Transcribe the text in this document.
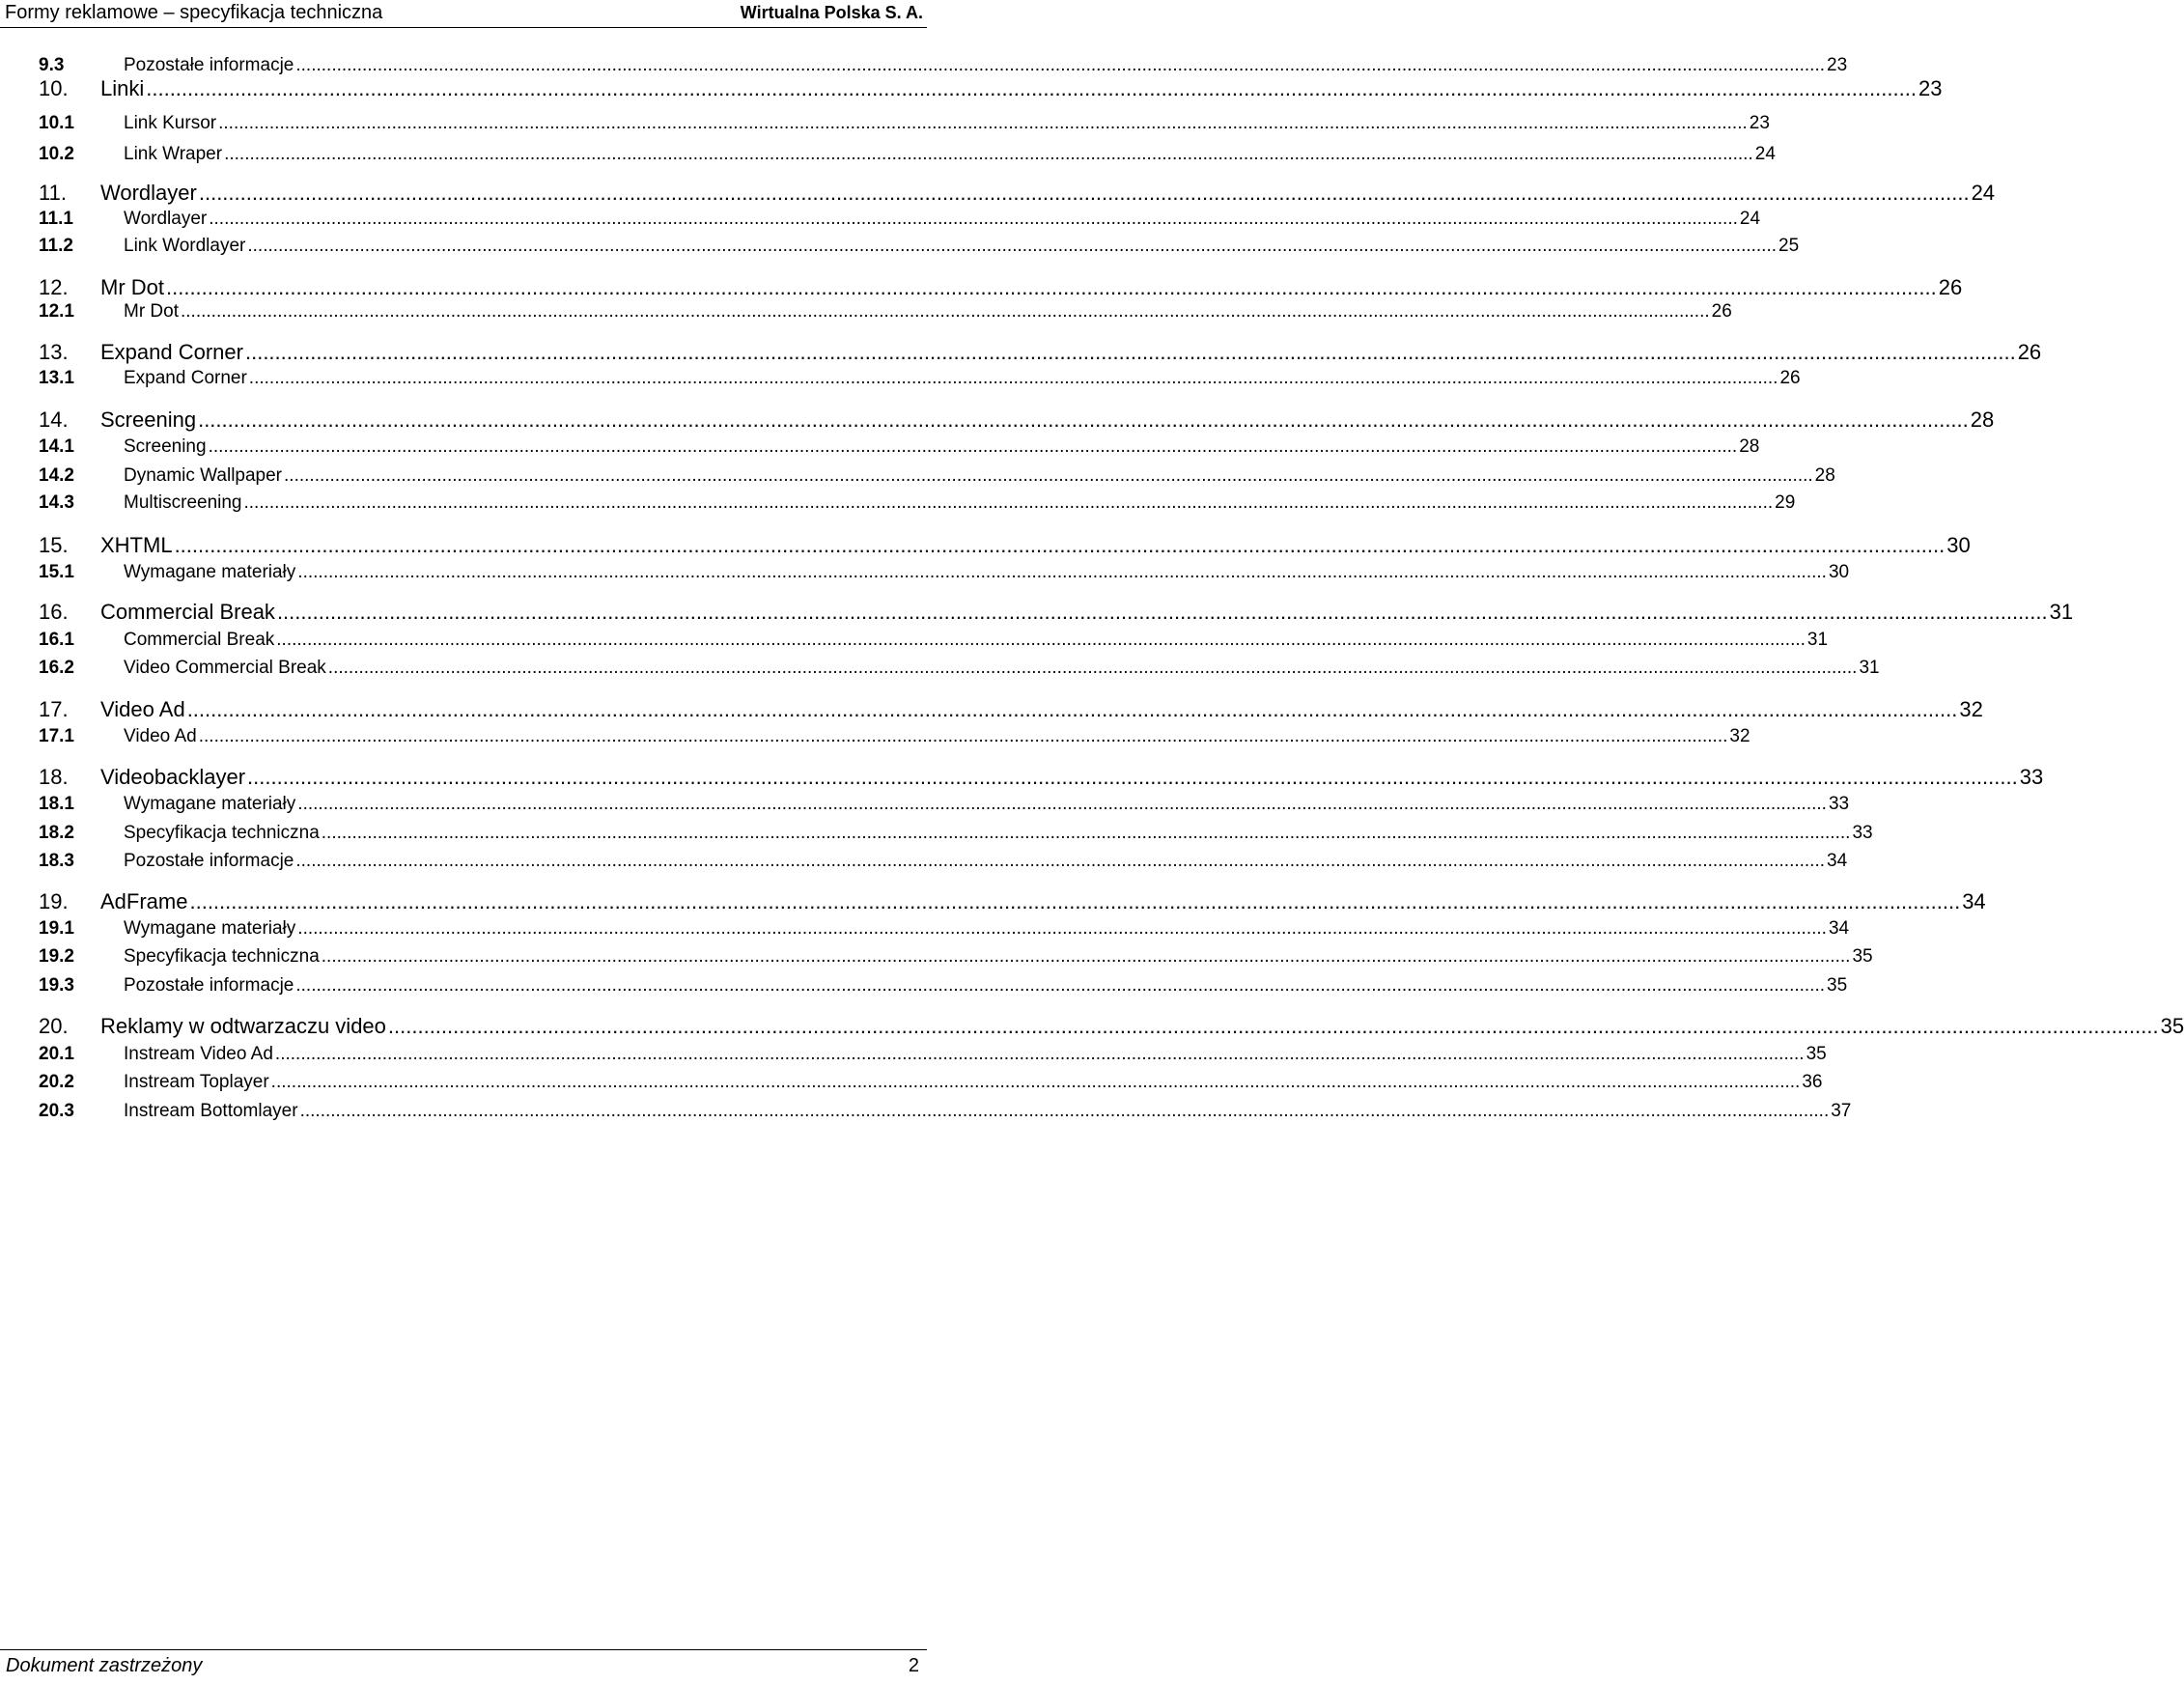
Formy reklamowe – specyfikacja techniczna	Wirtualna Polska S. A.
9.3	Pozostałe informacje ............................................................................................................................................................................................................................................................................................................ 23
10.	Linki ............................................................................................................................................................................................................................................................................................................ 23
10.1	Link Kursor ............................................................................................................................................................................................................................................................................................................ 23
10.2	Link Wraper ............................................................................................................................................................................................................................................................................................................ 24
11.	Wordlayer ............................................................................................................................................................................................................................................................................................................ 24
11.1	Wordlayer ............................................................................................................................................................................................................................................................................................................ 24
11.2	Link Wordlayer ............................................................................................................................................................................................................................................................................................................ 25
12.	Mr Dot ............................................................................................................................................................................................................................................................................................................ 26
12.1	Mr Dot ............................................................................................................................................................................................................................................................................................................ 26
13.	Expand Corner ............................................................................................................................................................................................................................................................................................................ 26
13.1	Expand Corner ............................................................................................................................................................................................................................................................................................................ 26
14.	Screening ............................................................................................................................................................................................................................................................................................................ 28
14.1	Screening ............................................................................................................................................................................................................................................................................................................ 28
14.2	Dynamic Wallpaper ............................................................................................................................................................................................................................................................................................................ 28
14.3	Multiscreening ............................................................................................................................................................................................................................................................................................................ 29
15.	XHTML ............................................................................................................................................................................................................................................................................................................ 30
15.1	Wymagane materiały ............................................................................................................................................................................................................................................................................................................ 30
16.	Commercial Break ............................................................................................................................................................................................................................................................................................................ 31
16.1	Commercial Break ............................................................................................................................................................................................................................................................................................................ 31
16.2	Video Commercial Break ............................................................................................................................................................................................................................................................................................................ 31
17.	Video Ad ............................................................................................................................................................................................................................................................................................................ 32
17.1	Video Ad ............................................................................................................................................................................................................................................................................................................ 32
18.	Videobacklayer ............................................................................................................................................................................................................................................................................................................ 33
18.1	Wymagane materiały ............................................................................................................................................................................................................................................................................................................ 33
18.2	Specyfikacja techniczna ............................................................................................................................................................................................................................................................................................................ 33
18.3	Pozostałe informacje ............................................................................................................................................................................................................................................................................................................ 34
19.	AdFrame ............................................................................................................................................................................................................................................................................................................ 34
19.1	Wymagane materiały ............................................................................................................................................................................................................................................................................................................ 34
19.2	Specyfikacja techniczna ............................................................................................................................................................................................................................................................................................................ 35
19.3	Pozostałe informacje ............................................................................................................................................................................................................................................................................................................ 35
20.	Reklamy w odtwarzaczu video ............................................................................................................................................................................................................................................................................................................ 35
20.1	Instream Video Ad ............................................................................................................................................................................................................................................................................................................ 35
20.2	Instream Toplayer ............................................................................................................................................................................................................................................................................................................ 36
20.3	Instream Bottomlayer ............................................................................................................................................................................................................................................................................................................ 37
Dokument zastrzeżony	2
